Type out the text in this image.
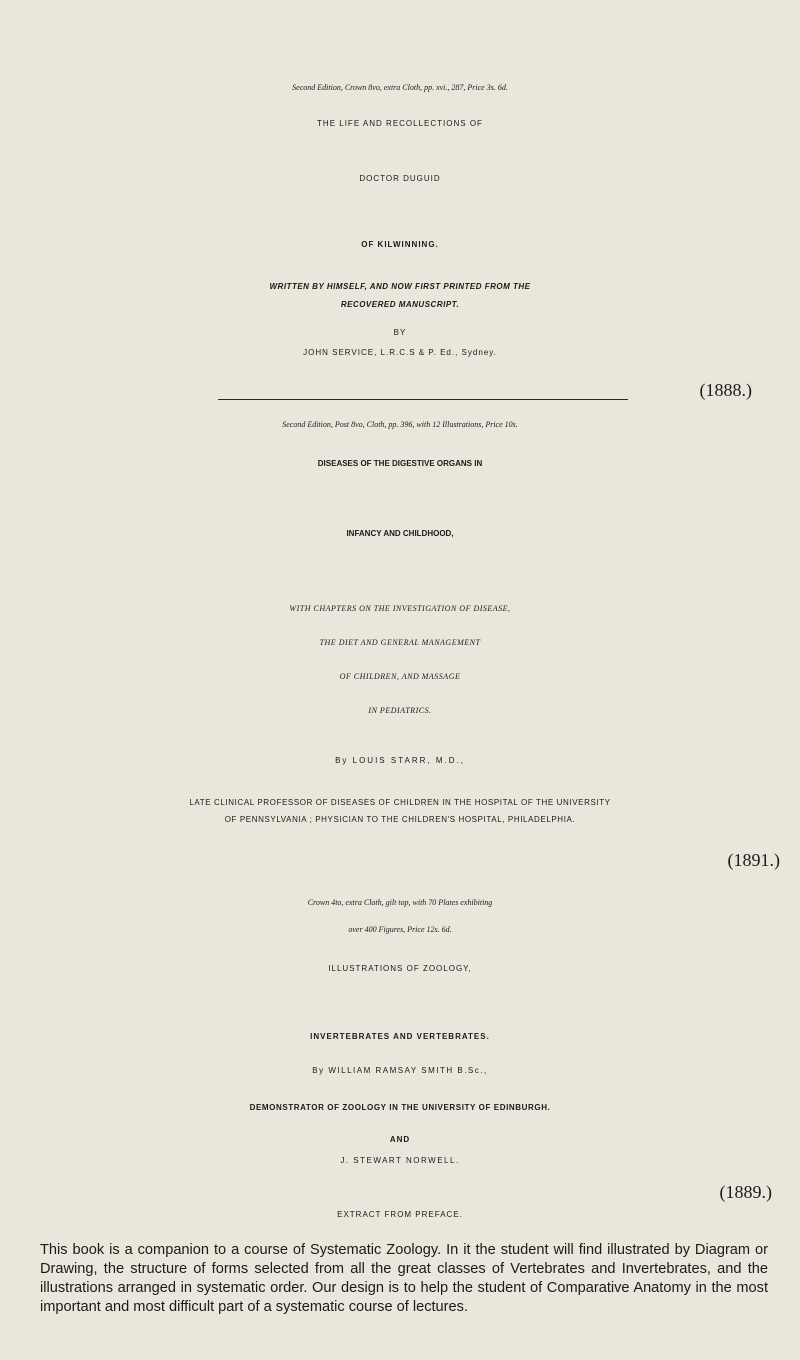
Second Edition, Crown 8vo, extra Cloth, pp. xvi., 287, Price 3s. 6d.
THE LIFE AND RECOLLECTIONS OF
DOCTOR DUGUID
OF KILWINNING.
WRITTEN BY HIMSELF, AND NOW FIRST PRINTED FROM THE
RECOVERED MANUSCRIPT.
BY
JOHN SERVICE, L.R.C.S & P. Ed., Sydney.
(1888.)
Second Edition, Post 8vo, Cloth, pp. 396, with 12 Illustrations, Price 10s.
DISEASES OF THE DIGESTIVE ORGANS IN
INFANCY AND CHILDHOOD,
WITH CHAPTERS ON THE INVESTIGATION OF DISEASE,
THE DIET AND GENERAL MANAGEMENT
OF CHILDREN, AND MASSAGE
IN PEDIATRICS.
By LOUIS STARR, M.D.,
LATE CLINICAL PROFESSOR OF DISEASES OF CHILDREN IN THE HOSPITAL OF THE UNIVERSITY
OF PENNSYLVANIA ; PHYSICIAN TO THE CHILDREN'S HOSPITAL, PHILADELPHIA.
(1891.)
Crown 4to, extra Cloth, gilt top, with 70 Plates exhibiting
over 400 Figures, Price 12s. 6d.
ILLUSTRATIONS OF ZOOLOGY,
INVERTEBRATES AND VERTEBRATES.
By WILLIAM RAMSAY SMITH B.Sc.,
DEMONSTRATOR OF ZOOLOGY IN THE UNIVERSITY OF EDINBURGH.
AND
J. STEWART NORWELL.
(1889.)
EXTRACT FROM PREFACE.
This book is a companion to a course of Systematic Zoology. In it the student will find illustrated by Diagram or Drawing, the structure of forms selected from all the great classes of Vertebrates and Invertebrates, and the illustrations arranged in systematic order. Our design is to help the student of Comparative Anatomy in the most important and most difficult part of a systematic course of lectures.
